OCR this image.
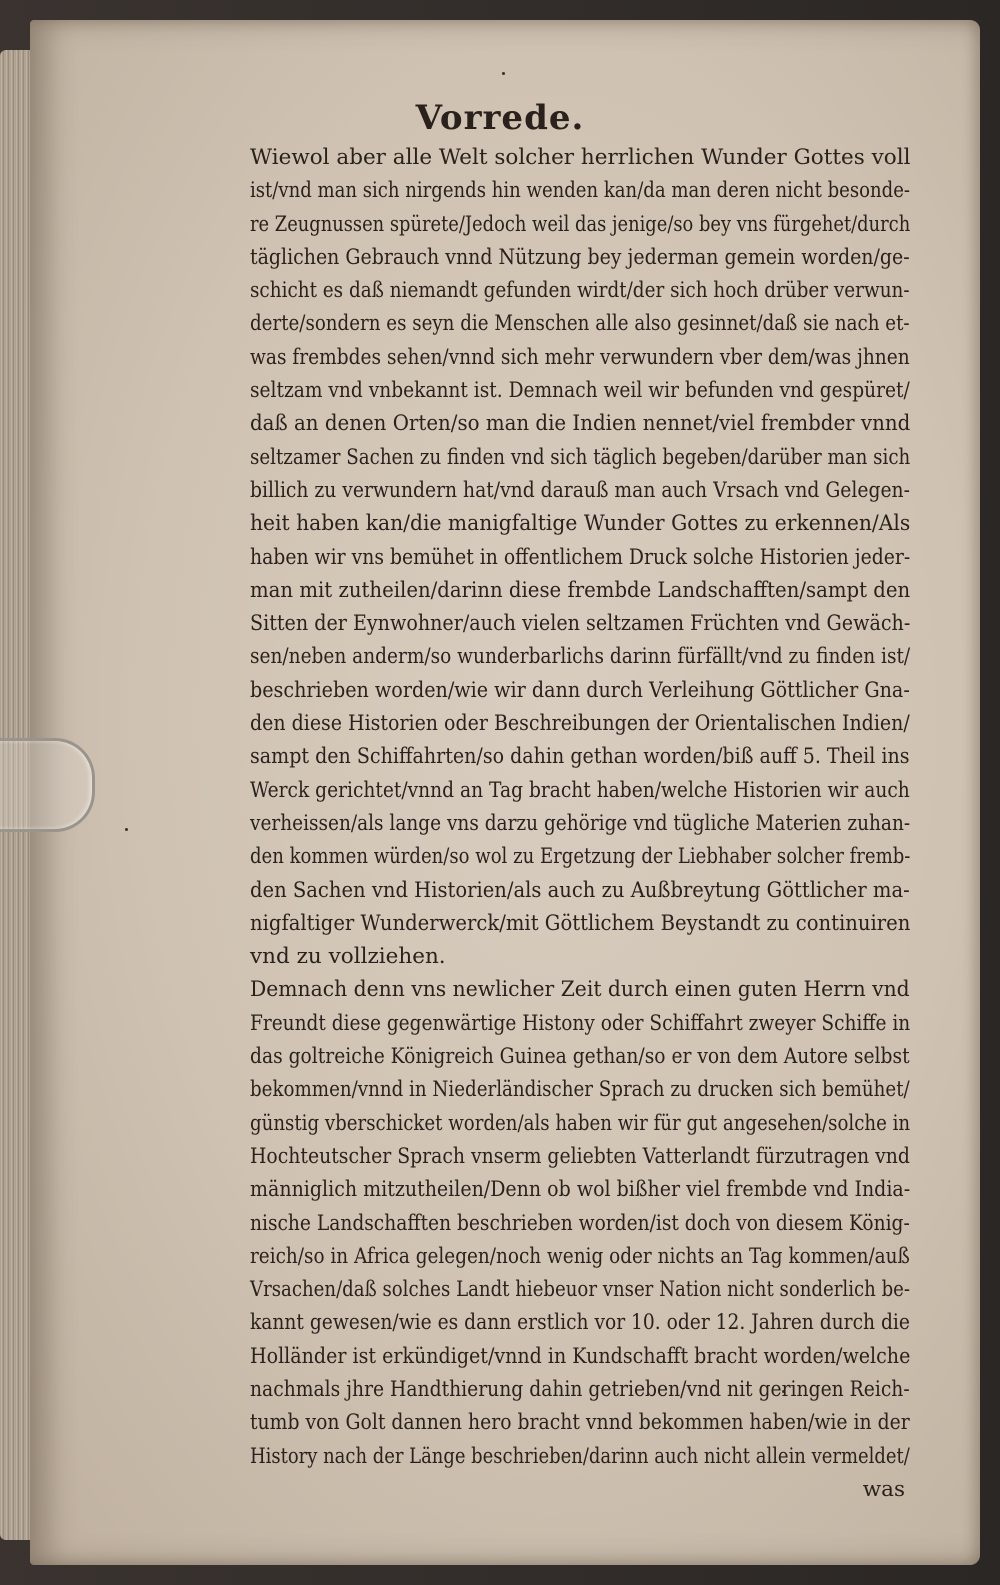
Vorrede.
Wiewol aber alle Welt solcher herrlichen Wunder Gottes voll
ist/vnd man sich nirgends hin wenden kan/da man deren nicht besonde-
re Zeugnussen spürete/Jedoch weil das jenige/so bey vns fürgehet/durch
täglichen Gebrauch vnnd Nützung bey jederman gemein worden/ge-
schicht es daß niemandt gefunden wirdt/der sich hoch drüber verwun-
derte/sondern es seyn die Menschen alle also gesinnet/daß sie nach et-
was frembdes sehen/vnnd sich mehr verwundern vber dem/was jhnen
seltzam vnd vnbekannt ist. Demnach weil wir befunden vnd gespüret/
daß an denen Orten/so man die Indien nennet/viel frembder vnnd
seltzamer Sachen zu finden vnd sich täglich begeben/darüber man sich
billich zu verwundern hat/vnd darauß man auch Vrsach vnd Gelegen-
heit haben kan/die manigfaltige Wunder Gottes zu erkennen/Als
haben wir vns bemühet in offentlichem Druck solche Historien jeder-
man mit zutheilen/darinn diese frembde Landschafften/sampt den
Sitten der Eynwohner/auch vielen seltzamen Früchten vnd Gewäch-
sen/neben anderm/so wunderbarlichs darinn fürfällt/vnd zu finden ist/
beschrieben worden/wie wir dann durch Verleihung Göttlicher Gna-
den diese Historien oder Beschreibungen der Orientalischen Indien/
sampt den Schiffahrten/so dahin gethan worden/biß auff 5. Theil ins
Werck gerichtet/vnnd an Tag bracht haben/welche Historien wir auch
verheissen/als lange vns darzu gehörige vnd tügliche Materien zuhan-
den kommen würden/so wol zu Ergetzung der Liebhaber solcher fremb-
den Sachen vnd Historien/als auch zu Außbreytung Göttlicher ma-
nigfaltiger Wunderwerck/mit Göttlichem Beystandt zu continuiren
vnd zu vollziehen.
Demnach denn vns newlicher Zeit durch einen guten Herrn vnd
Freundt diese gegenwärtige Histony oder Schiffahrt zweyer Schiffe in
das goltreiche Königreich Guinea gethan/so er von dem Autore selbst
bekommen/vnnd in Niederländischer Sprach zu drucken sich bemühet/
günstig vberschicket worden/als haben wir für gut angesehen/solche in
Hochteutscher Sprach vnserm geliebten Vatterlandt fürzutragen vnd
männiglich mitzutheilen/Denn ob wol bißher viel frembde vnd India-
nische Landschafften beschrieben worden/ist doch von diesem König-
reich/so in Africa gelegen/noch wenig oder nichts an Tag kommen/auß
Vrsachen/daß solches Landt hiebeuor vnser Nation nicht sonderlich be-
kannt gewesen/wie es dann erstlich vor 10. oder 12. Jahren durch die
Holländer ist erkündiget/vnnd in Kundschafft bracht worden/welche
nachmals jhre Handthierung dahin getrieben/vnd nit geringen Reich-
tumb von Golt dannen hero bracht vnnd bekommen haben/wie in der
History nach der Länge beschrieben/darinn auch nicht allein vermeldet/
was
